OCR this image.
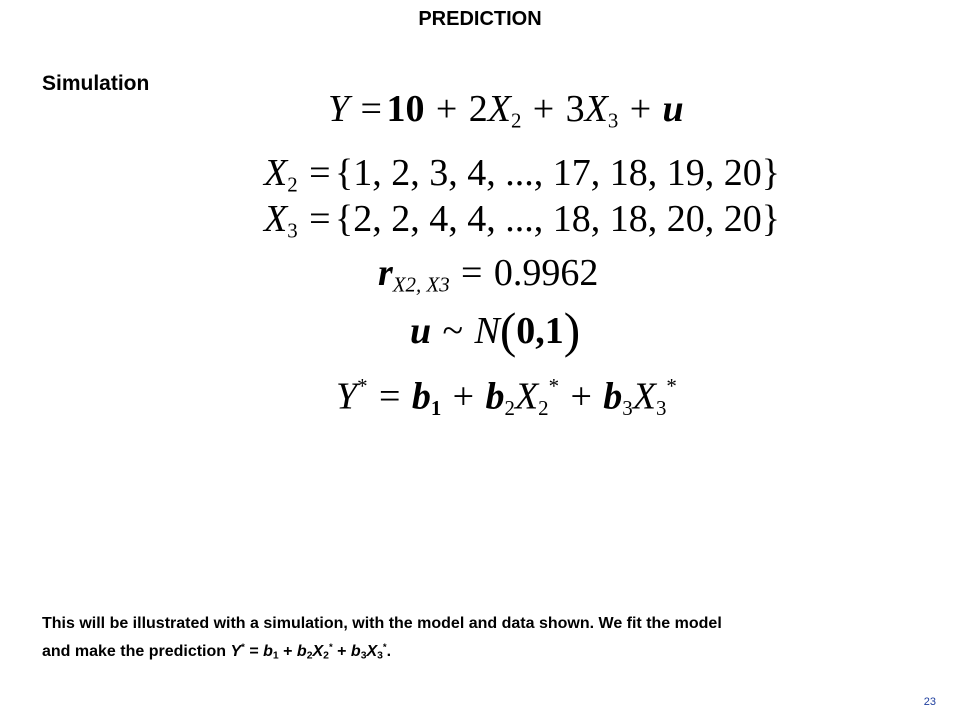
PREDICTION
Simulation
$Y = 10 + 2X_2 + 3X_3 + u$
$X_2 = \{1$, 2, 3, 4, ..., 17, 18, 19, 20}
$X_3 = \{2$, 2, 4, 4, ..., 18, 18, 20, 20}
$r_{X2, X3} = 0.9962$
u ~ N(0,1)
$Y^* = b_1 + b_2X_2^* + b_3X_3^*$
This will be illustrated with a simulation, with the model and data shown. We fit the model
and make the prediction $Y^* = b_1 + b_2X_2^* + b_3X_3^*$.
23
